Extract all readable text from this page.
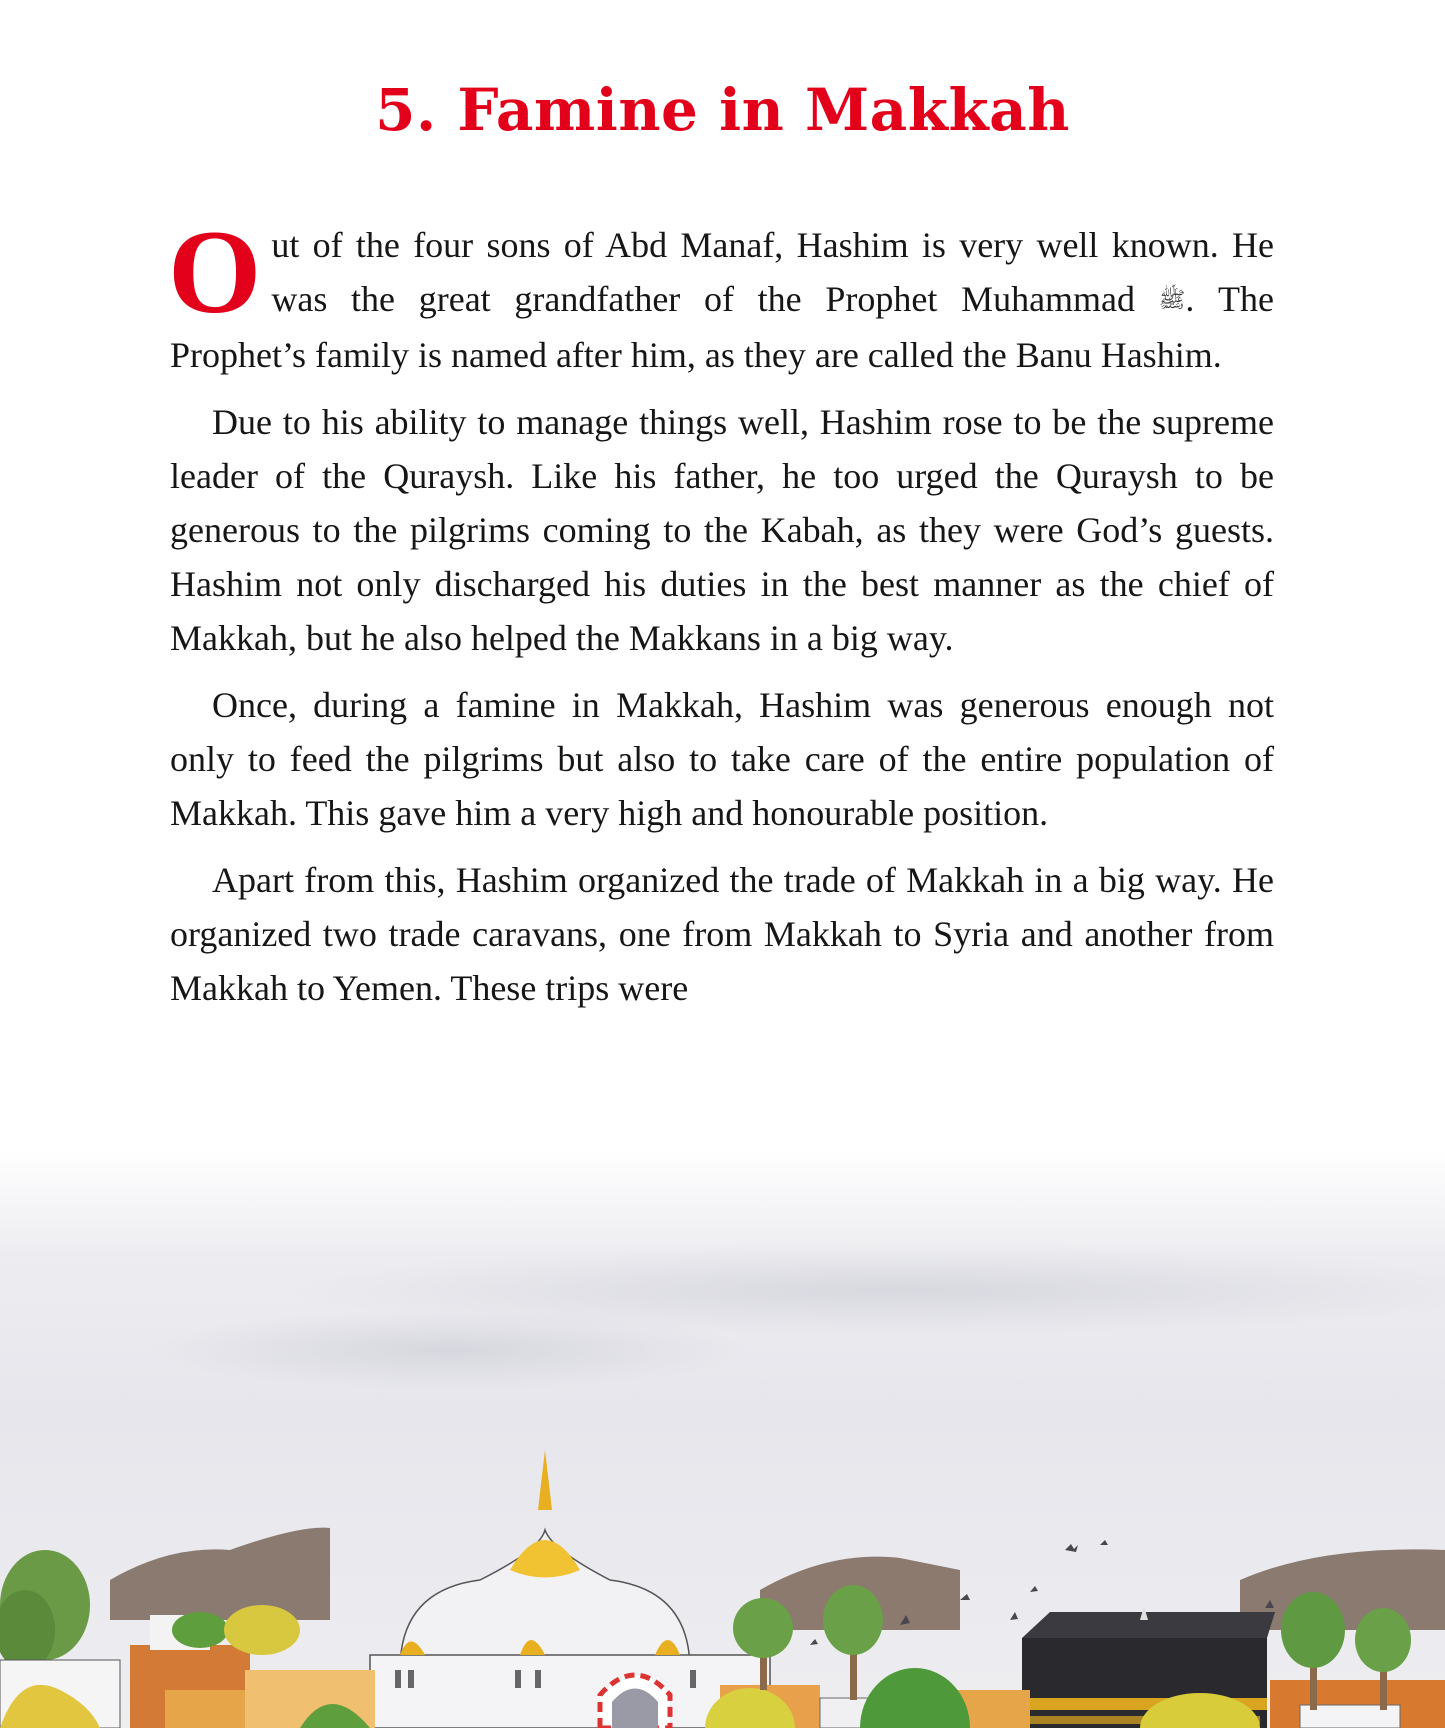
5. Famine in Makkah

Out of the four sons of Abd Manaf, Hashim is very well known. He was the great grandfather of the Prophet Muhammad ﷺ. The Prophet’s family is named after him, as they are called the Banu Hashim.

Due to his ability to manage things well, Hashim rose to be the supreme leader of the Quraysh. Like his father, he too urged the Quraysh to be generous to the pilgrims coming to the Kabah, as they were God’s guests. Hashim not only discharged his duties in the best manner as the chief of Makkah, but he also helped the Makkans in a big way.

Once, during a famine in Makkah, Hashim was generous enough not only to feed the pilgrims but also to take care of the entire population of Makkah. This gave him a very high and honourable position.

Apart from this, Hashim organized the trade of Makkah in a big way. He organized two trade caravans, one from Makkah to Syria and another from Makkah to Yemen. These trips were
